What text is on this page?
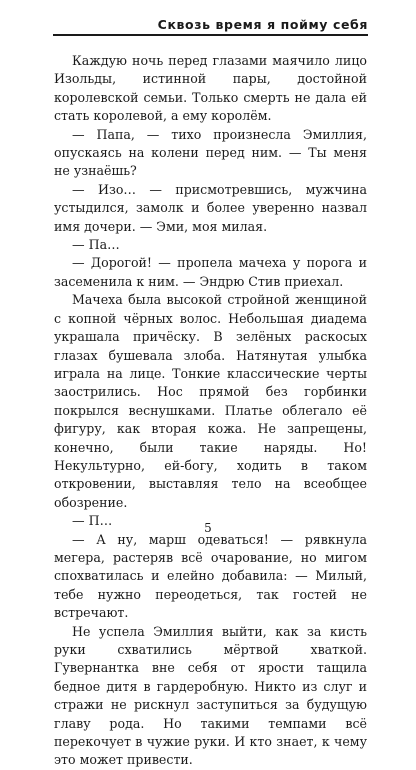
Сквозь время я пойму себя

Каждую ночь перед глазами маячило лицо Изольды, истинной пары, достойной королевской семьи. Только смерть не дала ей стать королевой, а ему королём.

— Папа, — тихо произнесла Эмиллия, опускаясь на колени перед ним. — Ты меня не узнаёшь?

— Изо… — присмотревшись, мужчина устыдился, замолк и более уверенно назвал имя дочери. — Эми, моя милая.

— Па…

— Дорогой! — пропела мачеха у порога и засеменила к ним. — Эндрю Стив приехал.

Мачеха была высокой стройной женщиной с копной чёрных волос. Небольшая диадема украшала причёску. В зелёных раскосых глазах бушевала злоба. Натянутая улыбка играла на лице. Тонкие классические черты заострились. Нос прямой без горбинки покрылся веснушками. Платье облегало её фигуру, как вторая кожа. Не запрещены, конечно, были такие наряды. Но! Некультурно, ей-богу, ходить в таком откровении, выставляя тело на всеобщее обозрение.

— П…

— А ну, марш одеваться! — рявкнула мегера, растеряв всё очарование, но мигом спохватилась и елейно добавила: — Милый, тебе нужно переодеться, так гостей не встречают.

Не успела Эмиллия выйти, как за кисть руки схватились мёртвой хваткой. Гувернантка вне себя от ярости тащила бедное дитя в гардеробную. Никто из слуг и стражи не рискнул заступиться за будущую главу рода. Но такими темпами всё перекочует в чужие руки. И кто знает, к чему это может привести.

5
